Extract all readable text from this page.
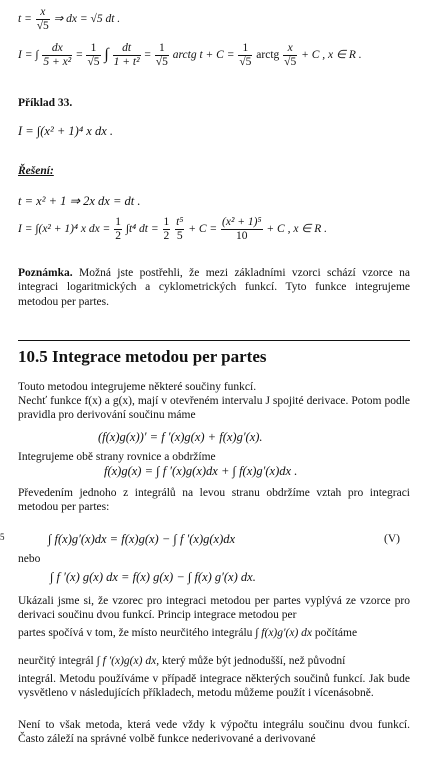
$t = \frac{x}{√5}$ ⇒ dx = √5 dt .
I = ∫ $\frac{dx}{\text{5 + x²}} = \frac{1}{√5}$ ∫ $\frac{dt}{\text{1 + t²}} = \frac{1}{√5}$ arctg $t + C = \frac{1}{√5}$ arctg $\frac{x}{√5} + C$ , x ∈ R .
Příklad 33.
I = ∫(x² + 1)⁴ x dx .
Řešení:
t = x² + 1 ⇒ 2x dx = dt .
I = ∫(x² + 1)⁴ x dx = $\frac{1}{2} \int t^4$ dt = $\frac{1}{2}$
$\frac{\text{t⁵}}{5} + C = \frac{\text{(x² + 1)⁵}}{10} + C$ , x ∈ R .
Poznámka. Možná jste postřehli, že mezi základními vzorci schází vzorce na integraci logaritmických a cyklometrických funkcí. Tyto funkce integrujeme metodou per partes.
10.5 Integrace metodou per partes
Touto metodou integrujeme některé součiny funkcí.
Nechť funkce f(x) a g(x), mají v otevřeném intervalu J spojité derivace. Potom podle pravidla pro derivování součinu máme
(f(x)g(x))′ = f ′(x)g(x) + f(x)g′(x).
Integrujeme obě strany rovnice a obdržíme
f(x)g(x) = ∫ f ′(x)g(x)dx + ∫ f(x)g′(x)dx .
Převedením jednoho z integrálů na levou stranu obdržíme vztah pro integraci metodou per partes:
5	∫ f(x)g′(x)dx = f(x)g(x) − ∫ f ′(x)g(x)dx	(V)
nebo
∫ f ′(x) g(x) dx = f(x) g(x) − ∫ f(x) g′(x) dx.
Ukázali jsme si, že vzorec pro integraci metodou per partes vyplývá ze vzorce pro derivaci součinu dvou funkcí. Princip integrace metodou per
partes spočívá v tom, že místo neurčitého integrálu ∫ f(x)g′(x) dx počítáme
neurčitý integrál ∫ f ′(x)g(x) dx, který může být jednodušší, než původní
integrál. Metodu používáme v případě integrace některých součinů funkcí. Jak bude vysvětleno v následujících příkladech, metodu můžeme použít i vícenásobně.
Není to však metoda, která vede vždy k výpočtu integrálu součinu dvou funkcí. Často záleží na správné volbě funkce nederivované a derivované
